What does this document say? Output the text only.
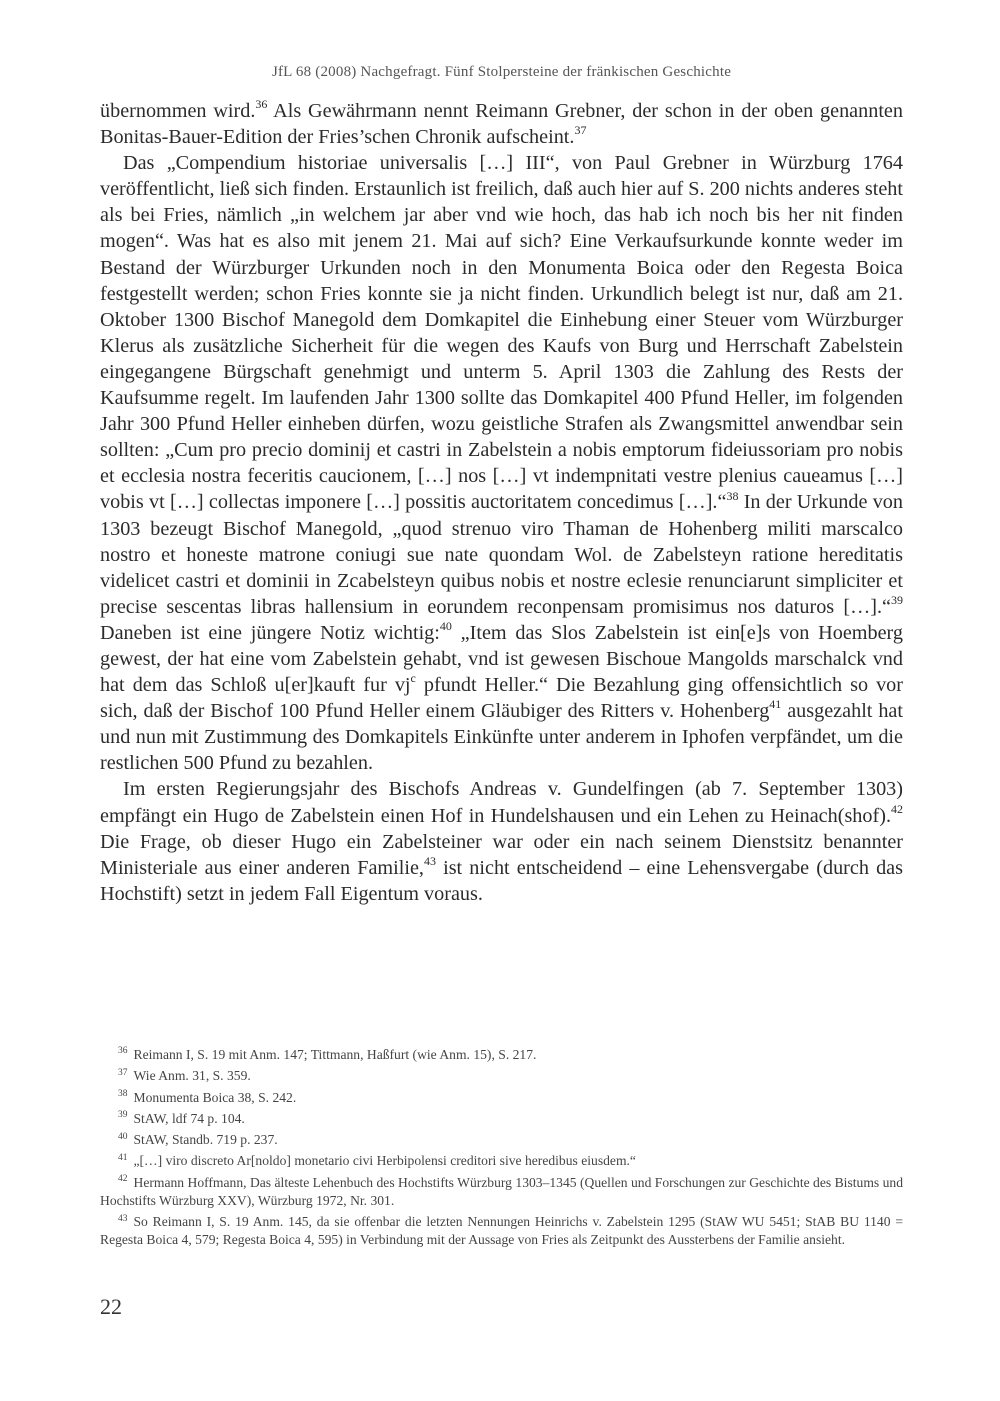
JfL 68 (2008) Nachgefragt. Fünf Stolpersteine der fränkischen Geschichte

übernommen wird.$^{36}$ Als Gewährmann nennt Reimann Grebner, der schon in der oben genannten Bonitas-Bauer-Edition der Fries’schen Chronik aufscheint.$^{37}$

Das „Compendium historiae universalis […] III“, von Paul Grebner in Würzburg 1764 veröffentlicht, ließ sich finden. Erstaunlich ist freilich, daß auch hier auf S. 200 nichts anderes steht als bei Fries, nämlich „in welchem jar aber vnd wie hoch, das hab ich noch bis her nit finden mogen“. Was hat es also mit jenem 21. Mai auf sich? Eine Verkaufsurkunde konnte weder im Bestand der Würzburger Urkunden noch in den Monumenta Boica oder den Regesta Boica festgestellt werden; schon Fries konnte sie ja nicht finden. Urkundlich belegt ist nur, daß am 21. Oktober 1300 Bischof Manegold dem Domkapitel die Einhebung einer Steuer vom Würzburger Klerus als zusätzliche Sicherheit für die wegen des Kaufs von Burg und Herrschaft Zabelstein eingegangene Bürgschaft genehmigt und unterm 5. April 1303 die Zahlung des Rests der Kaufsumme regelt. Im laufenden Jahr 1300 sollte das Domkapitel 400 Pfund Heller, im folgenden Jahr 300 Pfund Heller einheben dürfen, wozu geistliche Strafen als Zwangsmittel anwendbar sein sollten: „Cum pro precio dominij et castri in Zabelstein a nobis emptorum fideiussoriam pro nobis et ecclesia nostra feceritis caucionem, […] nos […] vt indempnitati vestre plenius caueamus […] vobis vt […] collectas imponere […] possitis auctoritatem concedimus […].“$^{38}$ In der Urkunde von 1303 bezeugt Bischof Manegold, „quod strenuo viro Thaman de Hohenberg militi marscalco nostro et honeste matrone coniugi sue nate quondam Wol. de Zabelsteyn ratione hereditatis videlicet castri et dominii in Zcabelsteyn quibus nobis et nostre eclesie renunciarunt simpliciter et precise sescentas libras hallensium in eorundem reconpensam promisimus nos daturos […].“$^{39}$ Daneben ist eine jüngere Notiz wichtig:$^{40}$ „Item das Slos Zabelstein ist ein[e]s von Hoemberg gewest, der hat eine vom Zabelstein gehabt, vnd ist gewesen Bischoue Mangolds marschalck vnd hat dem das Schloß u[er]kauft fur $vj^c$ pfundt Heller.“ Die Bezahlung ging offensichtlich so vor sich, daß der Bischof 100 Pfund Heller einem Gläubiger des Ritters v. Hohenberg$^{41}$ ausgezahlt hat und nun mit Zustimmung des Domkapitels Einkünfte unter anderem in Iphofen verpfändet, um die restlichen 500 Pfund zu bezahlen.

Im ersten Regierungsjahr des Bischofs Andreas v. Gundelfingen (ab 7. September 1303) empfängt ein Hugo de Zabelstein einen Hof in Hundelshausen und ein Lehen zu Heinach(shof).$^{42}$ Die Frage, ob dieser Hugo ein Zabelsteiner war oder ein nach seinem Dienstsitz benannter Ministeriale aus einer anderen Familie,$^{43}$ ist nicht entscheidend – eine Lehensvergabe (durch das Hochstift) setzt in jedem Fall Eigentum voraus.

$^{36}$ Reimann I, S. 19 mit Anm. 147; Tittmann, Haßfurt (wie Anm. 15), S. 217.

$^{37}$ Wie Anm. 31, S. 359.

$^{38}$ Monumenta Boica 38, S. 242.

$^{39}$ StAW, ldf 74 p. 104.

$^{40}$ StAW, Standb. 719 p. 237.

$^{41}$ „[…] viro discreto Ar[noldo] monetario civi Herbipolensi creditori sive heredibus eiusdem.“

$^{42}$ Hermann Hoffmann, Das älteste Lehenbuch des Hochstifts Würzburg 1303–1345 (Quellen und Forschungen zur Geschichte des Bistums und Hochstifts Würzburg XXV), Würzburg 1972, Nr. 301.

$^{43}$ So Reimann I, S. 19 Anm. 145, da sie offenbar die letzten Nennungen Heinrichs v. Zabelstein 1295 (StAW WU 5451; StAB BU 1140 = Regesta Boica 4, 579; Regesta Boica 4, 595) in Verbindung mit der Aussage von Fries als Zeitpunkt des Aussterbens der Familie ansieht.

22
